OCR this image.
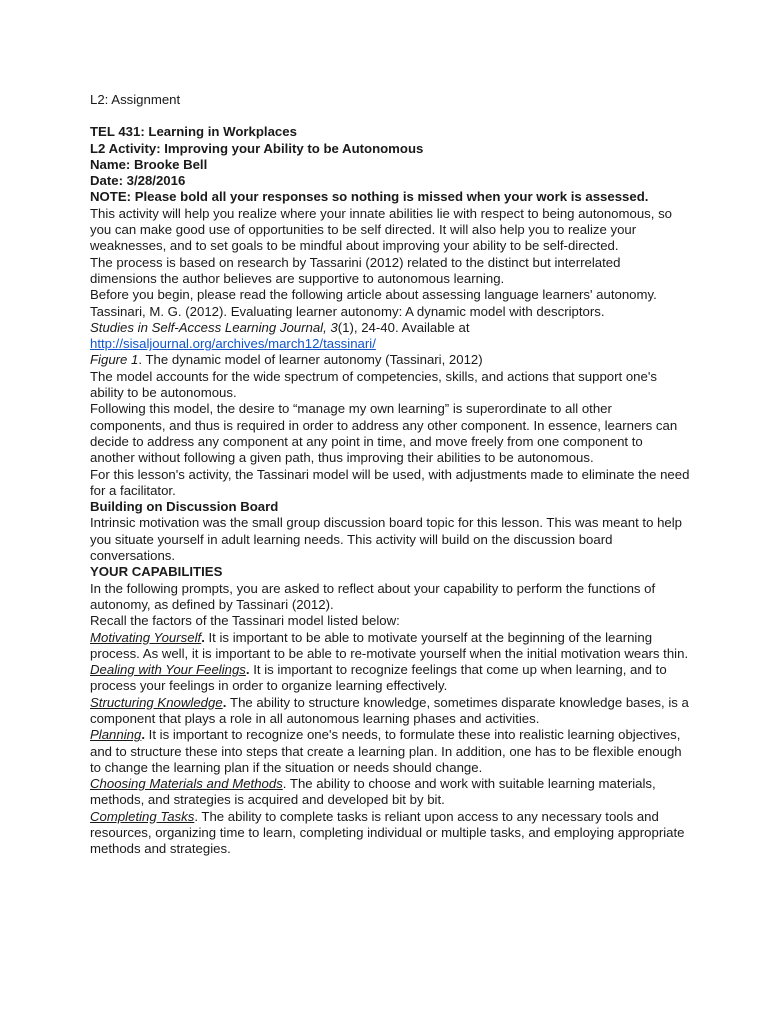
L2: Assignment

TEL 431: Learning in Workplaces

L2 Activity: Improving your Ability to be Autonomous

Name: Brooke Bell

Date: 3/28/2016

NOTE: Please bold all your responses so nothing is missed when your work is assessed.

This activity will help you realize where your innate abilities lie with respect to being autonomous, so you can make good use of opportunities to be self directed. It will also help you to realize your weaknesses, and to set goals to be mindful about improving your ability to be self-directed.

The process is based on research by Tassarini (2012) related to the distinct but interrelated dimensions the author believes are supportive to autonomous learning.

Before you begin, please read the following article about assessing language learners' autonomy.

Tassinari, M. G. (2012). Evaluating learner autonomy: A dynamic model with descriptors.
Studies in Self-Access Learning Journal, 3(1), 24-40. Available at
http://sisaljournal.org/archives/march12/tassinari/

Figure 1. The dynamic model of learner autonomy (Tassinari, 2012)

The model accounts for the wide spectrum of competencies, skills, and actions that support one's ability to be autonomous.

Following this model, the desire to “manage my own learning” is superordinate to all other components, and thus is required in order to address any other component. In essence, learners can decide to address any component at any point in time, and move freely from one component to another without following a given path, thus improving their abilities to be autonomous.

For this lesson's activity, the Tassinari model will be used, with adjustments made to eliminate the need for a facilitator.

Building on Discussion Board

Intrinsic motivation was the small group discussion board topic for this lesson. This was meant to help you situate yourself in adult learning needs. This activity will build on the discussion board conversations.

YOUR CAPABILITIES

In the following prompts, you are asked to reflect about your capability to perform the functions of autonomy, as defined by Tassinari (2012).

Recall the factors of the Tassinari model listed below:

Motivating Yourself. It is important to be able to motivate yourself at the beginning of the learning process. As well, it is important to be able to re-motivate yourself when the initial motivation wears thin.

Dealing with Your Feelings. It is important to recognize feelings that come up when learning, and to process your feelings in order to organize learning effectively.

Structuring Knowledge. The ability to structure knowledge, sometimes disparate knowledge bases, is a component that plays a role in all autonomous learning phases and activities.

Planning. It is important to recognize one's needs, to formulate these into realistic learning objectives, and to structure these into steps that create a learning plan. In addition, one has to be flexible enough to change the learning plan if the situation or needs should change.

Choosing Materials and Methods. The ability to choose and work with suitable learning materials, methods, and strategies is acquired and developed bit by bit.

Completing Tasks. The ability to complete tasks is reliant upon access to any necessary tools and resources, organizing time to learn, completing individual or multiple tasks, and employing appropriate methods and strategies.
